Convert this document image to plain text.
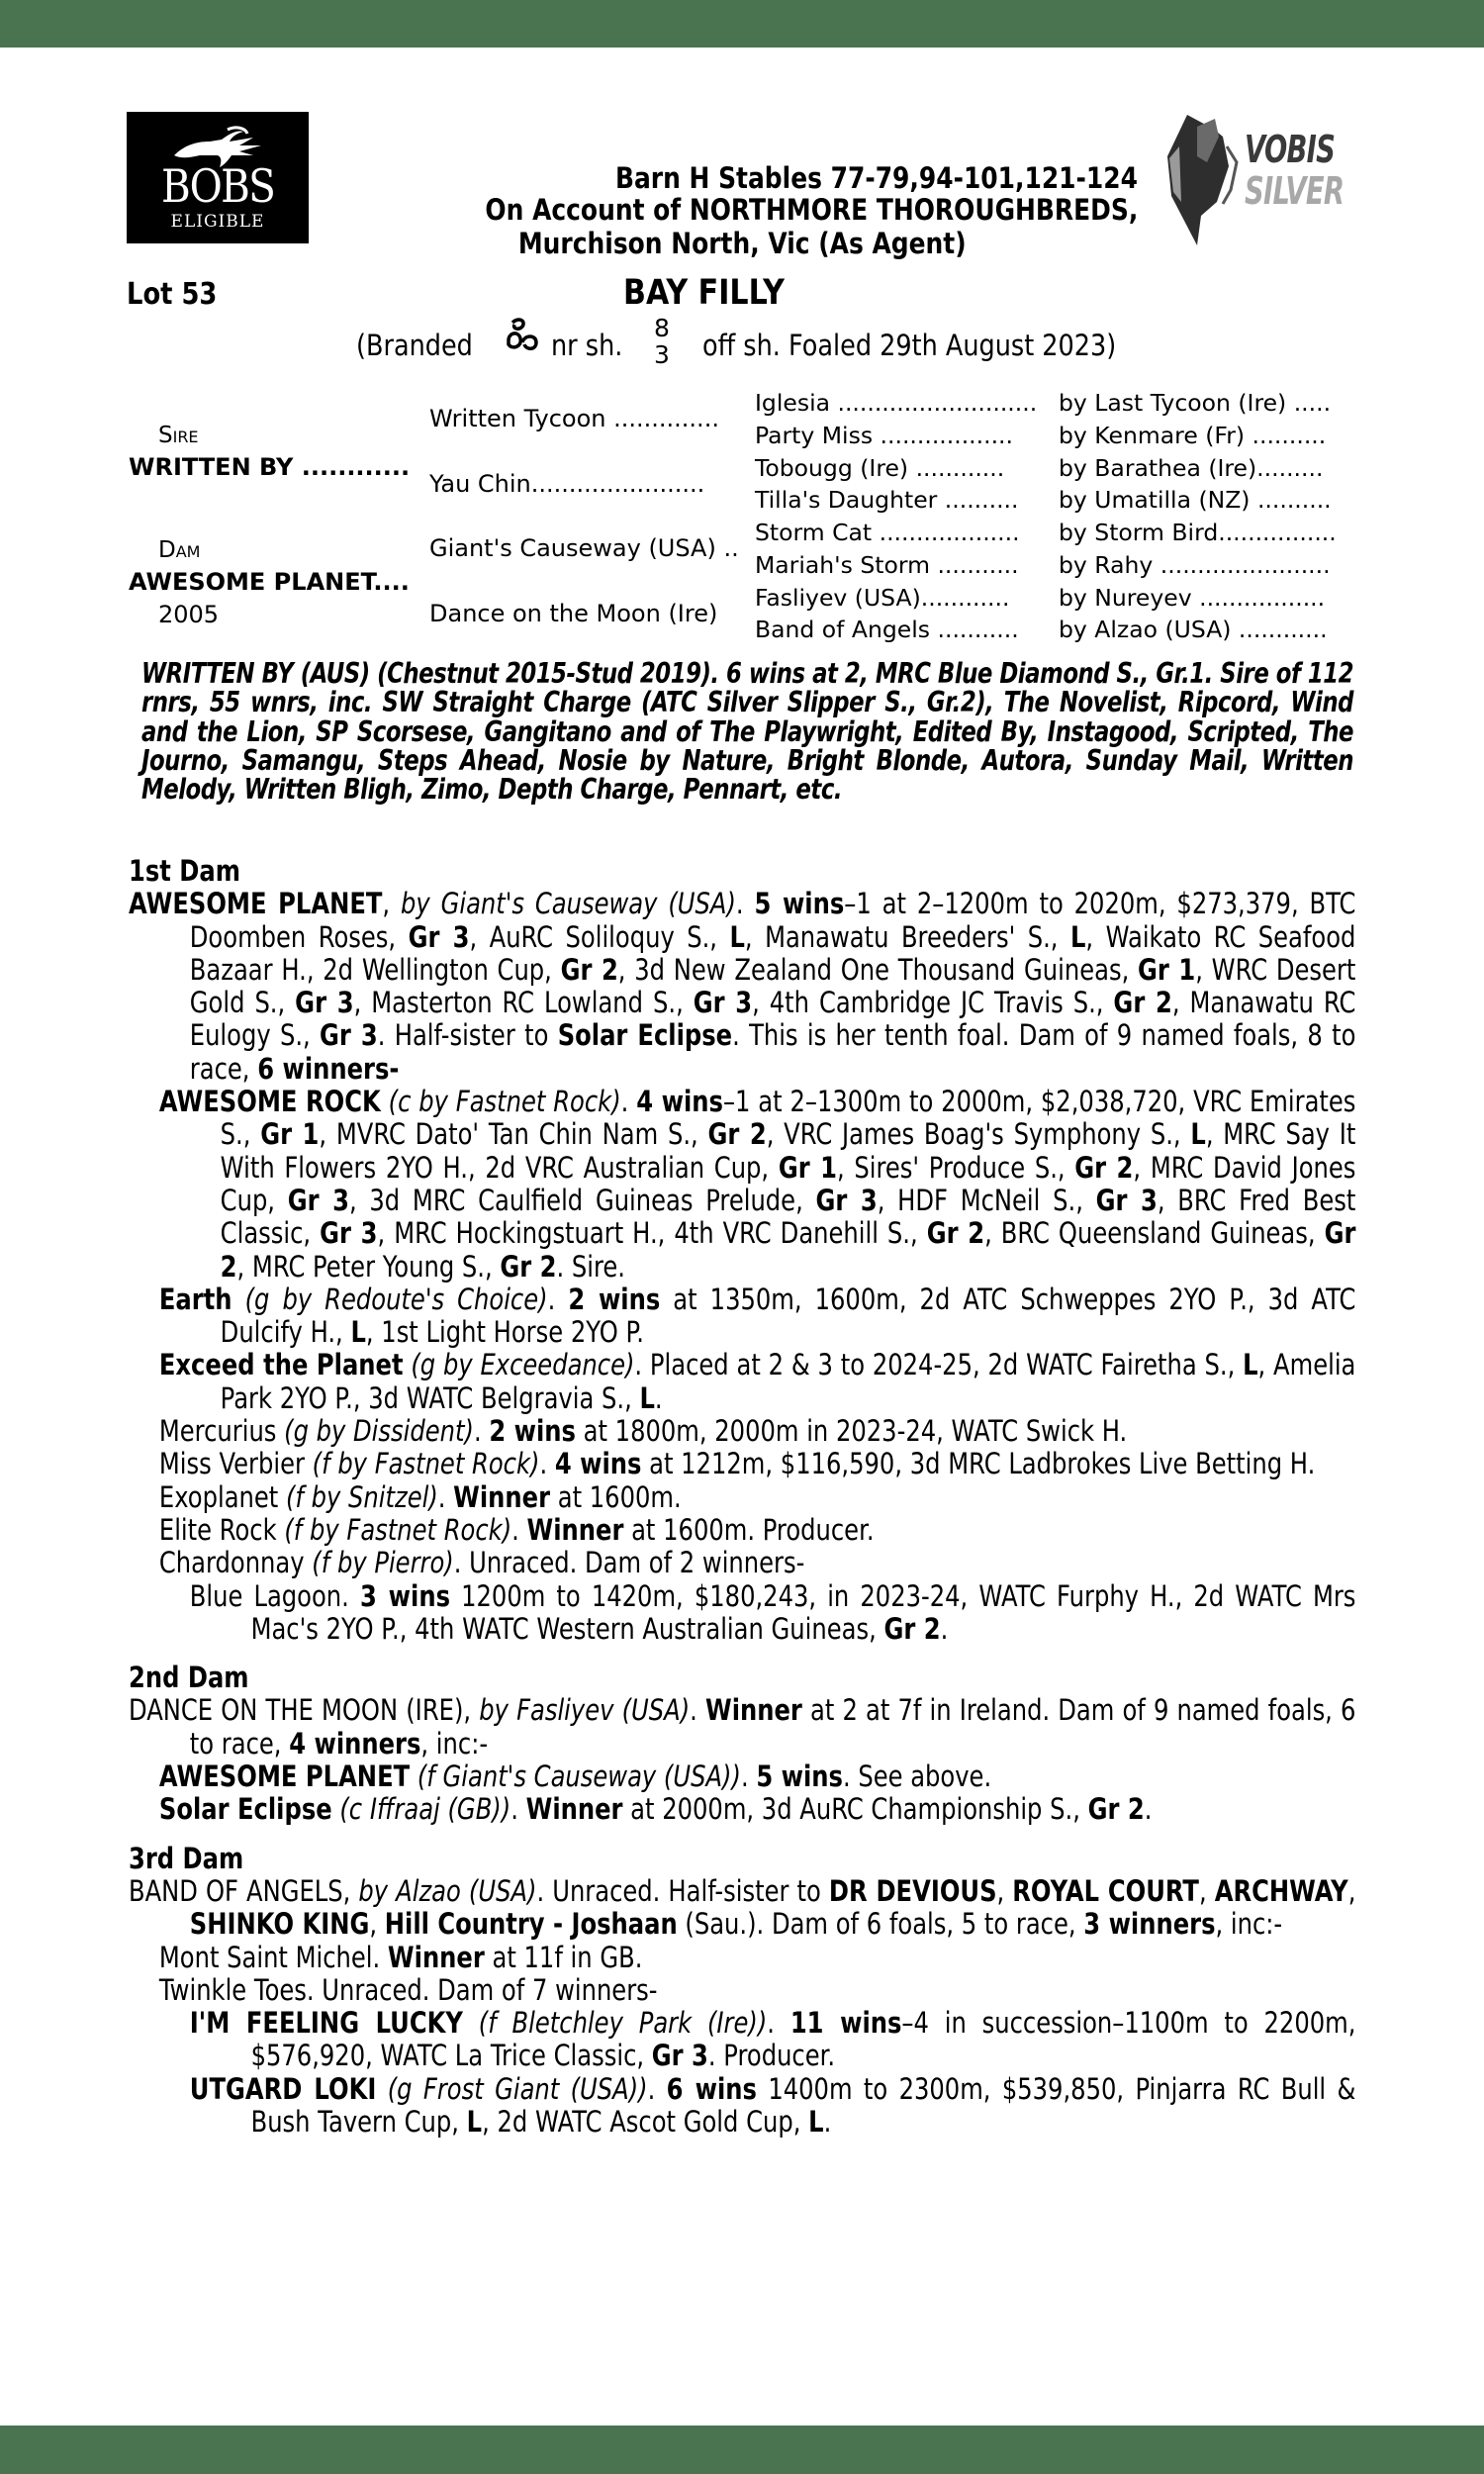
BOBS
ELIGIBLE
VOBIS
SILVER
Barn H Stables 77-79,94-101,121-124
On Account of NORTHMORE THOROUGHBREDS,
Murchison North, Vic (As Agent)
Lot 53	BAY FILLY
(Branded	nr sh.
8
3 off sh. Foaled 29th August 2023)
Sire
WRITTEN BY ............
Dam
AWESOME PLANET....
2005
Written Tycoon ..............
Yau Chin.......................
Giant's Causeway (USA) ..
Dance on the Moon (Ire)
Iglesia ...........................
Party Miss ..................
Tobougg (Ire) ............
Tilla's Daughter ..........
Storm Cat ...................
Mariah's Storm ...........
Fasliyev (USA)............
Band of Angels ...........
by Last Tycoon (Ire) .....
by Kenmare (Fr) ..........
by Barathea (Ire).........
by Umatilla (NZ) ..........
by Storm Bird................
by Rahy .......................
by Nureyev .................
by Alzao (USA) ............
WRITTEN BY (AUS) (Chestnut 2015-Stud 2019). 6 wins at 2, MRC Blue Diamond S., Gr.1. Sire of 112 rnrs, 55 wnrs, inc. SW Straight Charge (ATC Silver Slipper S., Gr.2), The Novelist, Ripcord, Wind and the Lion, SP Scorsese, Gangitano and of The Playwright, Edited By, Instagood, Scripted, The Journo, Samangu, Steps Ahead, Nosie by Nature, Bright Blonde, Autora, Sunday Mail, Written Melody, Written Bligh, Zimo, Depth Charge, Pennart, etc.
1st Dam
AWESOME PLANET, by Giant's Causeway (USA). 5 wins–1 at 2–1200m to 2020m, $273,379, BTC Doomben Roses, Gr 3, AuRC Soliloquy S., L, Manawatu Breeders' S., L, Waikato RC Seafood Bazaar H., 2d Wellington Cup, Gr 2, 3d New Zealand One Thousand Guineas, Gr 1, WRC Desert Gold S., Gr 3, Masterton RC Lowland S., Gr 3, 4th Cambridge JC Travis S., Gr 2, Manawatu RC Eulogy S., Gr 3. Half-sister to Solar Eclipse. This is her tenth foal. Dam of 9 named foals, 8 to race, 6 winners-
AWESOME ROCK (c by Fastnet Rock). 4 wins–1 at 2–1300m to 2000m, $2,038,720, VRC Emirates S., Gr 1, MVRC Dato' Tan Chin Nam S., Gr 2, VRC James Boag's Symphony S., L, MRC Say It With Flowers 2YO H., 2d VRC Australian Cup, Gr 1, Sires' Produce S., Gr 2, MRC David Jones Cup, Gr 3, 3d MRC Caulfield Guineas Prelude, Gr 3, HDF McNeil S., Gr 3, BRC Fred Best Classic, Gr 3, MRC Hockingstuart H., 4th VRC Danehill S., Gr 2, BRC Queensland Guineas, Gr 2, MRC Peter Young S., Gr 2. Sire.
Earth (g by Redoute's Choice). 2 wins at 1350m, 1600m, 2d ATC Schweppes 2YO P., 3d ATC Dulcify H., L, 1st Light Horse 2YO P.
Exceed the Planet (g by Exceedance). Placed at 2 & 3 to 2024-25, 2d WATC Fairetha S., L, Amelia Park 2YO P., 3d WATC Belgravia S., L.
Mercurius (g by Dissident). 2 wins at 1800m, 2000m in 2023-24, WATC Swick H.
Miss Verbier (f by Fastnet Rock). 4 wins at 1212m, $116,590, 3d MRC Ladbrokes Live Betting H.
Exoplanet (f by Snitzel). Winner at 1600m.
Elite Rock (f by Fastnet Rock). Winner at 1600m. Producer.
Chardonnay (f by Pierro). Unraced. Dam of 2 winners-
Blue Lagoon. 3 wins 1200m to 1420m, $180,243, in 2023-24, WATC Furphy H., 2d WATC Mrs Mac's 2YO P., 4th WATC Western Australian Guineas, Gr 2.
2nd Dam
DANCE ON THE MOON (IRE), by Fasliyev (USA). Winner at 2 at 7f in Ireland. Dam of 9 named foals, 6 to race, 4 winners, inc:-
AWESOME PLANET (f Giant's Causeway (USA)). 5 wins. See above.
Solar Eclipse (c Iffraaj (GB)). Winner at 2000m, 3d AuRC Championship S., Gr 2.
3rd Dam
BAND OF ANGELS, by Alzao (USA). Unraced. Half-sister to DR DEVIOUS, ROYAL COURT, ARCHWAY, SHINKO KING, Hill Country - Joshaan (Sau.). Dam of 6 foals, 5 to race, 3 winners, inc:-
Mont Saint Michel. Winner at 11f in GB.
Twinkle Toes. Unraced. Dam of 7 winners-
I'M FEELING LUCKY (f Bletchley Park (Ire)). 11 wins–4 in succession–1100m to 2200m, $576,920, WATC La Trice Classic, Gr 3. Producer.
UTGARD LOKI (g Frost Giant (USA)). 6 wins 1400m to 2300m, $539,850, Pinjarra RC Bull & Bush Tavern Cup, L, 2d WATC Ascot Gold Cup, L.
